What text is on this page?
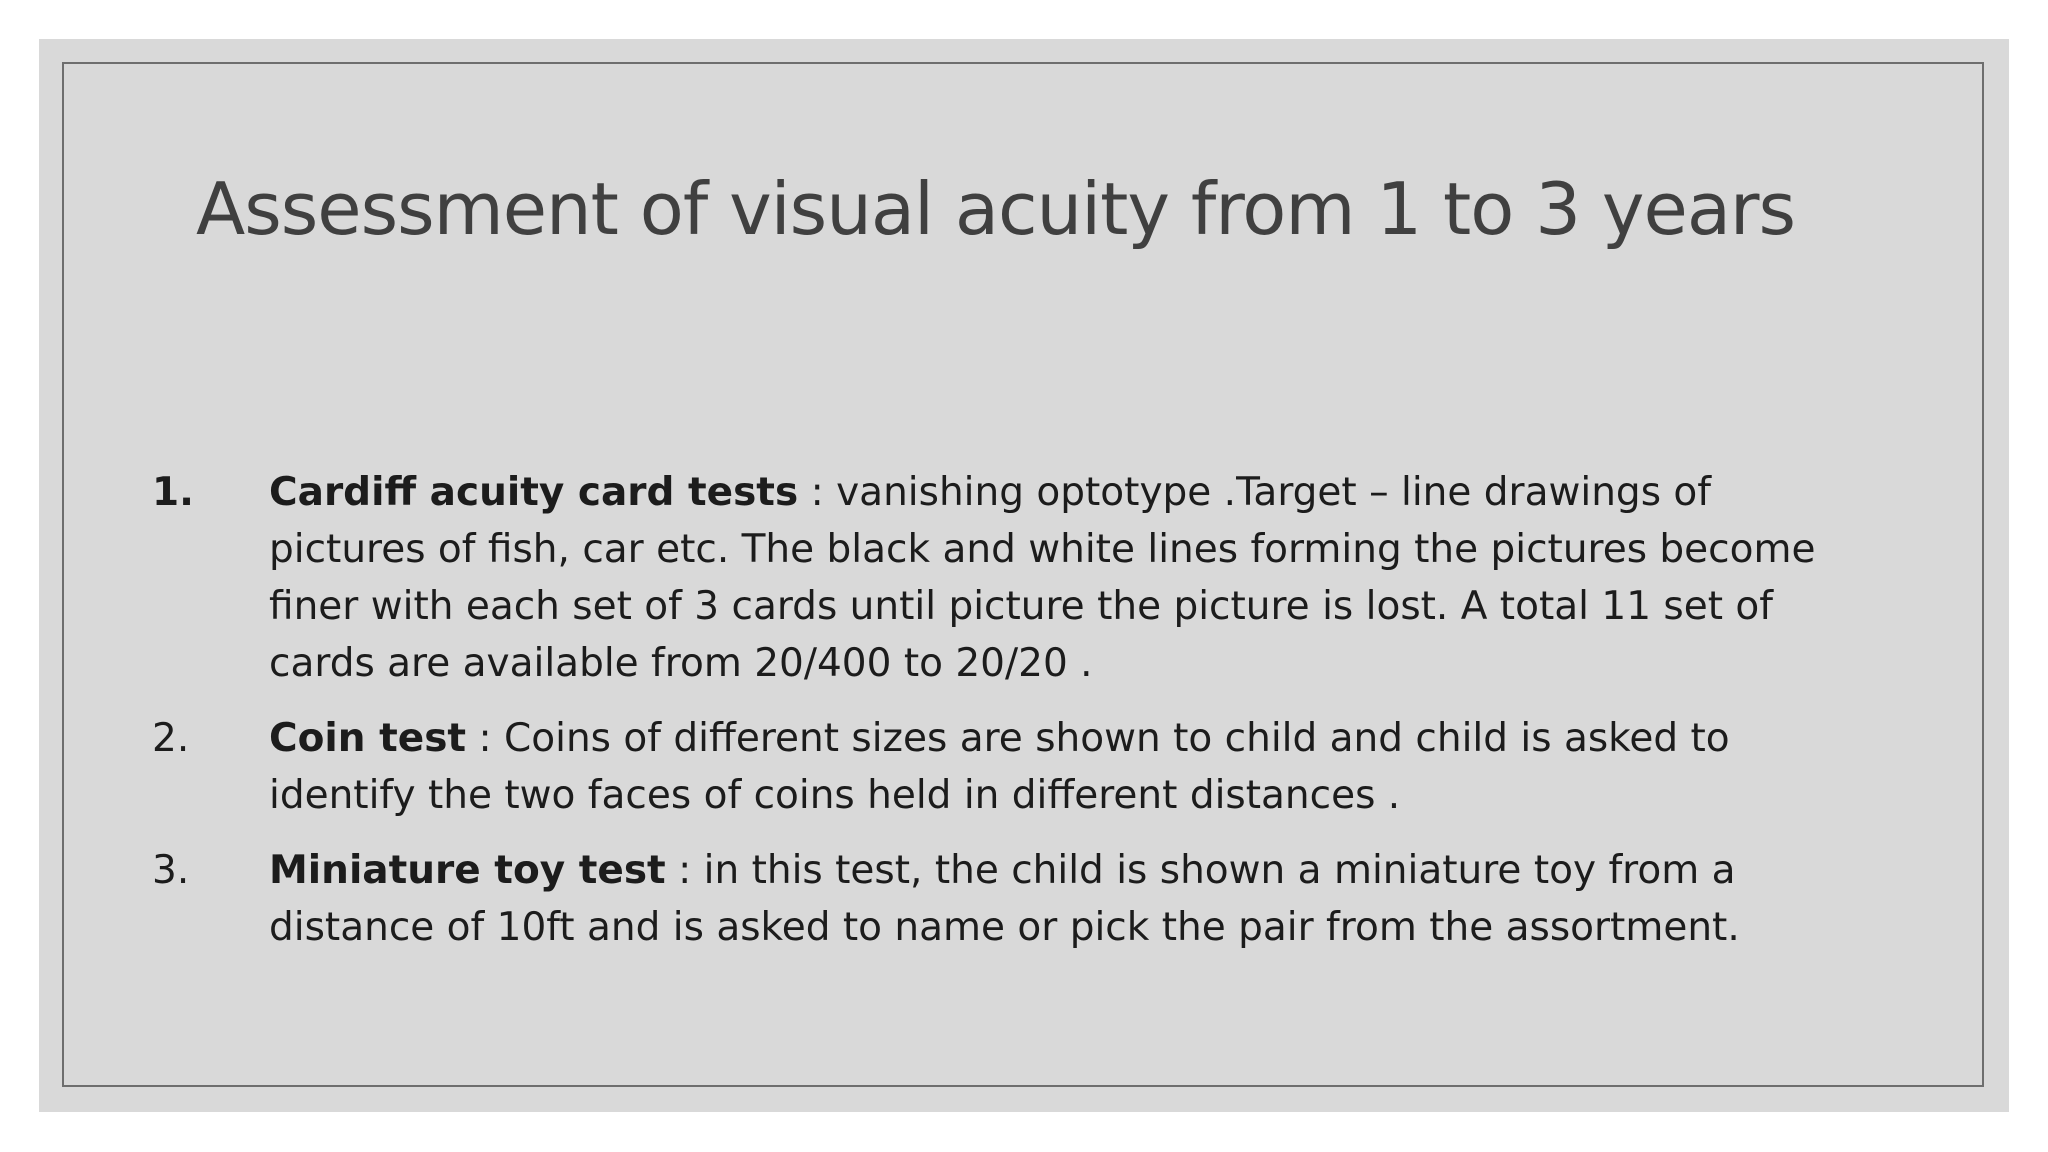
Assessment of visual acuity from 1 to 3 years
1. Cardiff acuity card tests : vanishing optotype .Target – line drawings of pictures of fish, car etc. The black and white lines forming the pictures become finer with each set of 3 cards until picture the picture is lost. A total 11 set of cards are available from 20/400 to 20/20 .
2. Coin test : Coins of different sizes are shown to child and child is asked to identify the two faces of coins held in different distances .
3. Miniature toy test : in this test, the child is shown a miniature toy from a distance of 10ft and is asked to name or pick the pair from the assortment.
